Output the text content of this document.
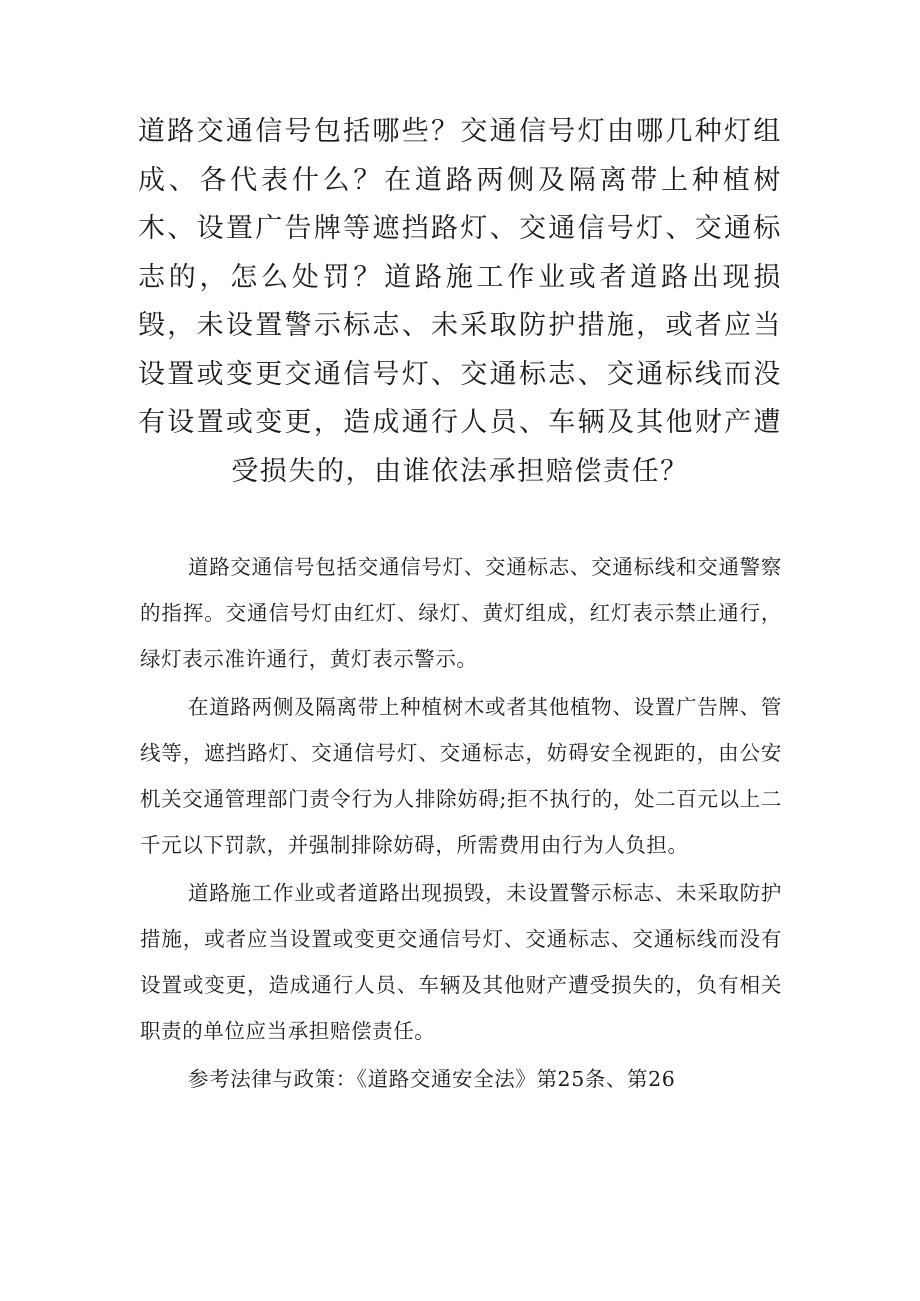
道路交通信号包括哪些？交通信号灯由哪几种灯组成、各代表什么？在道路两侧及隔离带上种植树木、设置广告牌等遮挡路灯、交通信号灯、交通标志的，怎么处罚？道路施工作业或者道路出现损毁，未设置警示标志、未采取防护措施，或者应当设置或变更交通信号灯、交通标志、交通标线而没有设置或变更，造成通行人员、车辆及其他财产遭受损失的，由谁依法承担赔偿责任？

道路交通信号包括交通信号灯、交通标志、交通标线和交通警察的指挥。交通信号灯由红灯、绿灯、黄灯组成，红灯表示禁止通行，绿灯表示准许通行，黄灯表示警示。

在道路两侧及隔离带上种植树木或者其他植物、设置广告牌、管线等，遮挡路灯、交通信号灯、交通标志，妨碍安全视距的，由公安机关交通管理部门责令行为人排除妨碍;拒不执行的，处二百元以上二千元以下罚款，并强制排除妨碍，所需费用由行为人负担。

道路施工作业或者道路出现损毁，未设置警示标志、未采取防护措施，或者应当设置或变更交通信号灯、交通标志、交通标线而没有设置或变更，造成通行人员、车辆及其他财产遭受损失的，负有相关职责的单位应当承担赔偿责任。

参考法律与政策：《道路交通安全法》第25条、第26
